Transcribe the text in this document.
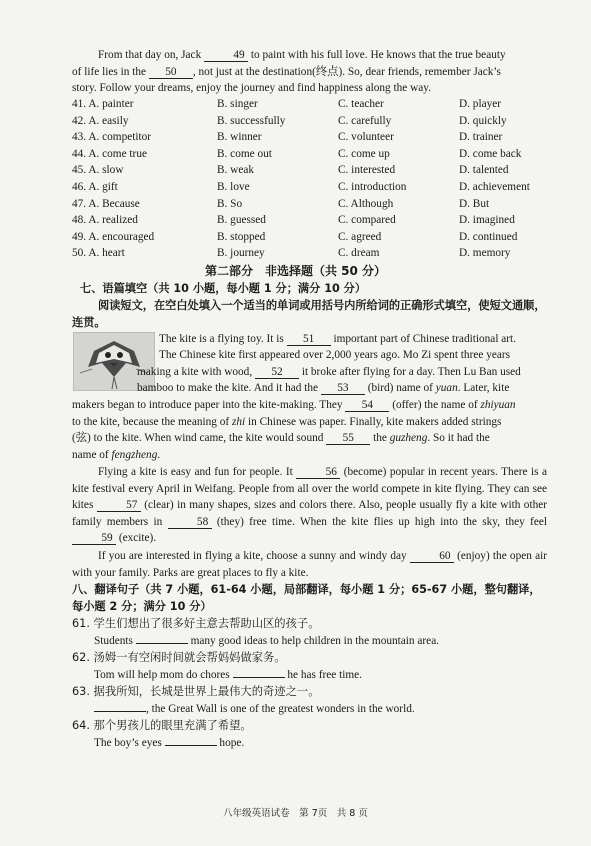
From that day on, Jack	49 to paint with his full love. He knows that the true beauty

of life lies in the 50 , not just at the destination(终点). So, dear friends, remember Jack’s
story. Follow your dreams, enjoy the journey and find happiness along the way.
41. A. painter	B. singer	C. teacher	D. player
42. A. easily	B. successfully	C. carefully	D. quickly
43. A. competitor	B. winner	C. volunteer	D. trainer
44. A. come true	B. come out	C. come up	D. come back
45. A. slow	B. weak	C. interested	D. talented
46. A. gift	B. love	C. introduction	D. achievement
47. A. Because	B. So	C. Although	D. But
48. A. realized	B. guessed	C. compared	D. imagined
49. A. encouraged	B. stopped	C. agreed	D. continued
50. A. heart	B. journey	C. dream	D. memory
第二部分　非选择题（共 50 分）
七、语篇填空（共 10 小题，每小题 1 分；满分 10 分）
阅读短文，在空白处填入一个适当的单词或用括号内所给词的正确形式填空，使短文通顺，连贯。
The kite is a flying toy. It is 51 important part of Chinese traditional art.
The Chinese kite first appeared over 2,000 years ago. Mo Zi spent three years
making a kite with wood, 52 it broke after flying for a day. Then Lu Ban used
bamboo to make the kite. And it had the 53 (bird) name of yuan. Later, kite
makers began to introduce paper into the kite-making. They 54 (offer) the name of zhiyuan
to the kite, because the meaning of zhi in Chinese was paper. Finally, kite makers added strings
(弦) to the kite. When wind came, the kite would sound 55 the guzheng. So it had the
name of fengzheng.
Flying a kite is easy and fun for people. It	56 (become) popular in recent years. There is a kite festival every April in Weifang. People from all over the world compete in kite flying. They can see kites	57 (clear) in many shapes, sizes and colors there. Also, people usually fly a kite with other family members in	58 (they) free time. When the kite flies up high into the sky, they feel 59 (excite).
If you are interested in flying a kite, choose a sunny and windy day	60 (enjoy) the open air with your family. Parks are great places to fly a kite.
八、翻译句子（共 7 小题，61-64 小题，局部翻译，每小题 1 分；65-67 小题，整句翻译，每小题 2 分；满分 10 分）
61. 学生们想出了很多好主意去帮助山区的孩子。
Students	many good ideas to help children in the mountain area.
62. 汤姆一有空闲时间就会帮妈妈做家务。
Tom will help mom do chores	he has free time.
63. 据我所知，长城是世界上最伟大的奇迹之一。
, the Great Wall is one of the greatest wonders in the world.
64. 那个男孩儿的眼里充满了希望。
The boy’s eyes	hope.
八年级英语试卷　第 7页　共 8 页
